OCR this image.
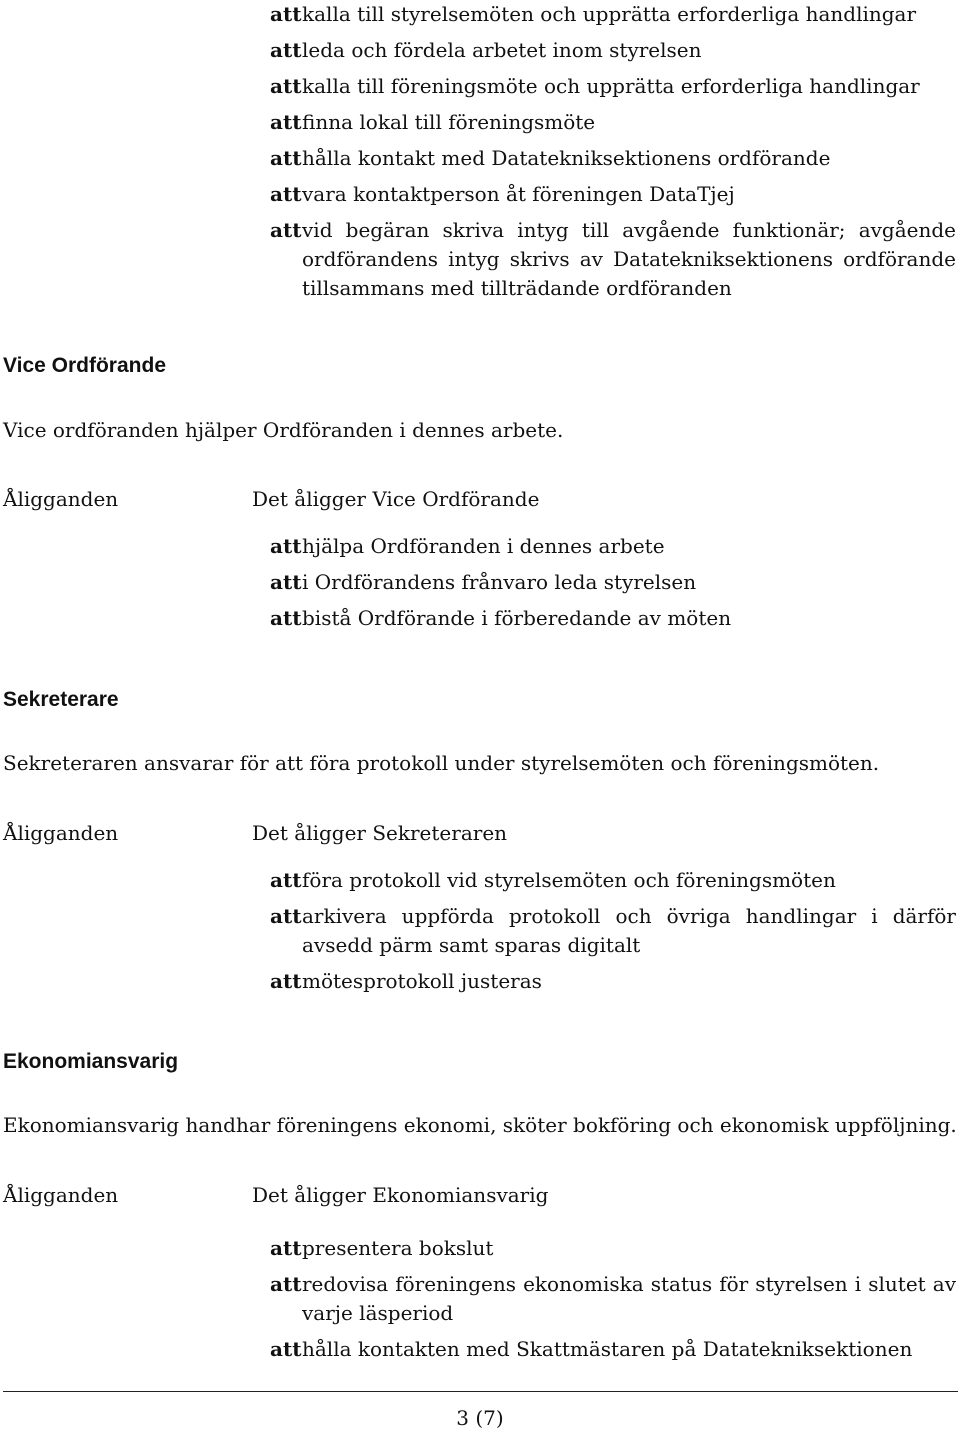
att kalla till styrelsemöten och upprätta erforderliga handlingar
att leda och fördela arbetet inom styrelsen
att kalla till föreningsmöte och upprätta erforderliga handlingar
att finna lokal till föreningsmöte
att hålla kontakt med Datatekniksektionens ordförande
att vara kontaktperson åt föreningen DataTjej
att vid begäran skriva intyg till avgående funktionär; avgående ordförandens intyg skrivs av Datatekniksektionens ordförande tillsammans med tillträdande ordföranden
Vice Ordförande

Vice ordföranden hjälper Ordföranden i dennes arbete.

Åligganden	Det åligger Vice Ordförande
att hjälpa Ordföranden i dennes arbete
att i Ordförandens frånvaro leda styrelsen
att bistå Ordförande i förberedande av möten
Sekreterare

Sekreteraren ansvarar för att föra protokoll under styrelsemöten och föreningsmöten.

Åligganden	Det åligger Sekreteraren
att föra protokoll vid styrelsemöten och föreningsmöten
att arkivera uppförda protokoll och övriga handlingar i därför avsedd pärm samt sparas digitalt
att mötesprotokoll justeras
Ekonomiansvarig

Ekonomiansvarig handhar föreningens ekonomi, sköter bokföring och ekonomisk uppföljning.

Åligganden	Det åligger Ekonomiansvarig
att presentera bokslut
att redovisa föreningens ekonomiska status för styrelsen i slutet av varje läsperiod
att hålla kontakten med Skattmästaren på Datatekniksektionen

3 (7)
